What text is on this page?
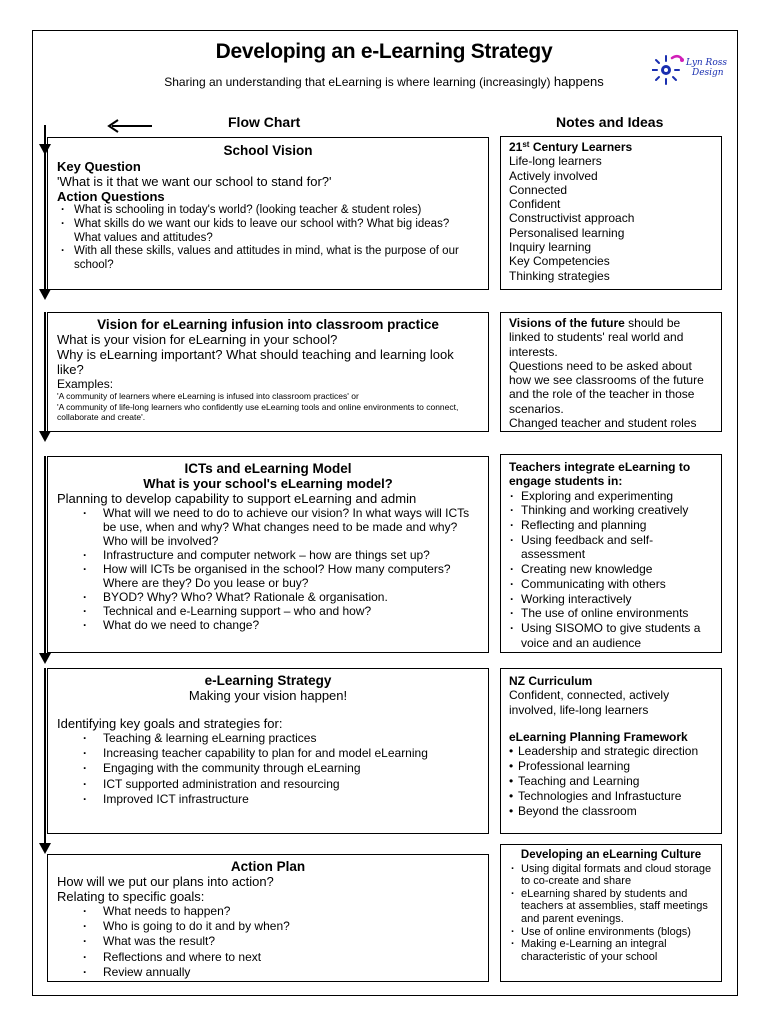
Developing an e-Learning Strategy
Sharing an understanding that eLearning is where learning (increasingly) happens
Lyn Ross
Design
Flow Chart	Notes and Ideas
School Vision
Key Question
'What is it that we want our school to stand for?'
Action Questions
· What is schooling in today's world? (looking teacher & student roles)
· What skills do we want our kids to leave our school with? What big ideas? What values and attitudes?
· With all these skills, values and attitudes in mind, what is the purpose of our school?
Vision for eLearning infusion into classroom practice
What is your vision for eLearning in your school?
Why is eLearning important? What should teaching and learning look like?
Examples:
'A community of learners where eLearning is infused into classroom practices' or
'A community of life-long learners who confidently use eLearning tools and online environments to connect, collaborate and create'.
ICTs and eLearning Model
What is your school's eLearning model?
Planning to develop capability to support eLearning and admin
· What will we need to do to achieve our vision? In what ways will ICTs be use, when and why? What changes need to be made and why? Who will be involved?
· Infrastructure and computer network – how are things set up?
· How will ICTs be organised in the school? How many computers? Where are they? Do you lease or buy?
· BYOD? Why? Who? What? Rationale & organisation.
· Technical and e-Learning support – who and how?
· What do we need to change?
e-Learning Strategy
Making your vision happen!
Identifying key goals and strategies for:
· Teaching & learning eLearning practices
· Increasing teacher capability to plan for and model eLearning
· Engaging with the community through eLearning
· ICT supported administration and resourcing
· Improved ICT infrastructure
Action Plan
How will we put our plans into action?
Relating to specific goals:
· What needs to happen?
· Who is going to do it and by when?
· What was the result?
· Reflections and where to next
· Review annually
21st Century Learners
Life-long learners
Actively involved
Connected
Confident
Constructivist approach
Personalised learning
Inquiry learning
Key Competencies
Thinking strategies
Visions of the future should be linked to students' real world and interests.
Questions need to be asked about how we see classrooms of the future and the role of the teacher in those scenarios.
Changed teacher and student roles
Teachers integrate eLearning to engage students in:
· Exploring and experimenting
· Thinking and working creatively
· Reflecting and planning
· Using feedback and self-assessment
· Creating new knowledge
· Communicating with others
· Working interactively
· The use of online environments
· Using SISOMO to give students a voice and an audience
NZ Curriculum
Confident, connected, actively involved, life-long learners
eLearning Planning Framework
• Leadership and strategic direction
• Professional learning
• Teaching and Learning
• Technologies and Infrastucture
• Beyond the classroom
Developing an eLearning Culture
· Using digital formats and cloud storage to co-create and share
· eLearning shared by students and teachers at assemblies, staff meetings and parent evenings.
· Use of online environments (blogs)
· Making e-Learning an integral characteristic of your school
